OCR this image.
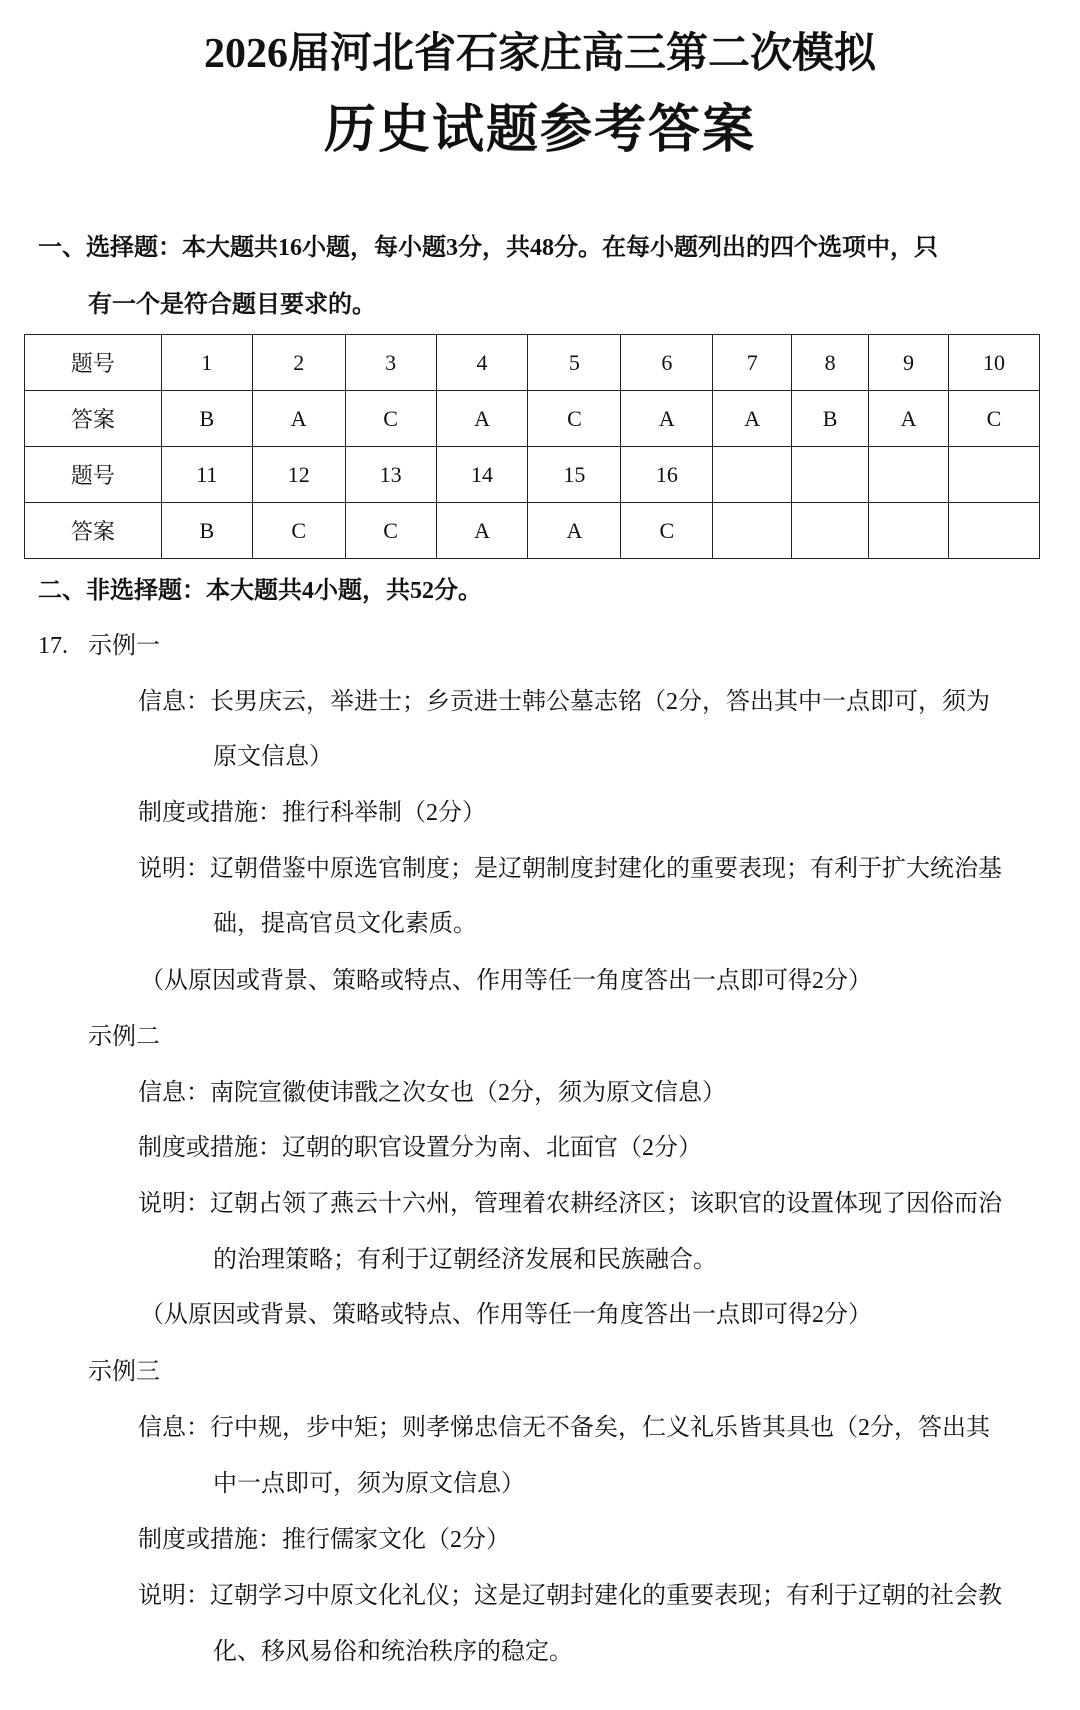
2026届河北省石家庄高三第二次模拟
历史试题参考答案
一、选择题：本大题共16小题，每小题3分，共48分。在每小题列出的四个选项中，只
有一个是符合题目要求的。
题号	1	2	3	4	5	6	7	8	9	10
答案	B	A	C	A	C	A	A	B	A	C
题号	11	12	13	14	15	16				
答案	B	C	C	A	A	C				
二、非选择题：本大题共4小题，共52分。
17. 示例一
信息：长男庆云，举进士；乡贡进士韩公墓志铭（2分，答出其中一点即可，须为
原文信息）
制度或措施：推行科举制（2分）
说明：辽朝借鉴中原选官制度；是辽朝制度封建化的重要表现；有利于扩大统治基
础，提高官员文化素质。
（从原因或背景、策略或特点、作用等任一角度答出一点即可得2分）
示例二
信息：南院宣徽使讳戬之次女也（2分，须为原文信息）
制度或措施：辽朝的职官设置分为南、北面官（2分）
说明：辽朝占领了燕云十六州，管理着农耕经济区；该职官的设置体现了因俗而治
的治理策略；有利于辽朝经济发展和民族融合。
（从原因或背景、策略或特点、作用等任一角度答出一点即可得2分）
示例三
信息：行中规，步中矩；则孝悌忠信无不备矣，仁义礼乐皆其具也（2分，答出其
中一点即可，须为原文信息）
制度或措施：推行儒家文化（2分）
说明：辽朝学习中原文化礼仪；这是辽朝封建化的重要表现；有利于辽朝的社会教
化、移风易俗和统治秩序的稳定。
